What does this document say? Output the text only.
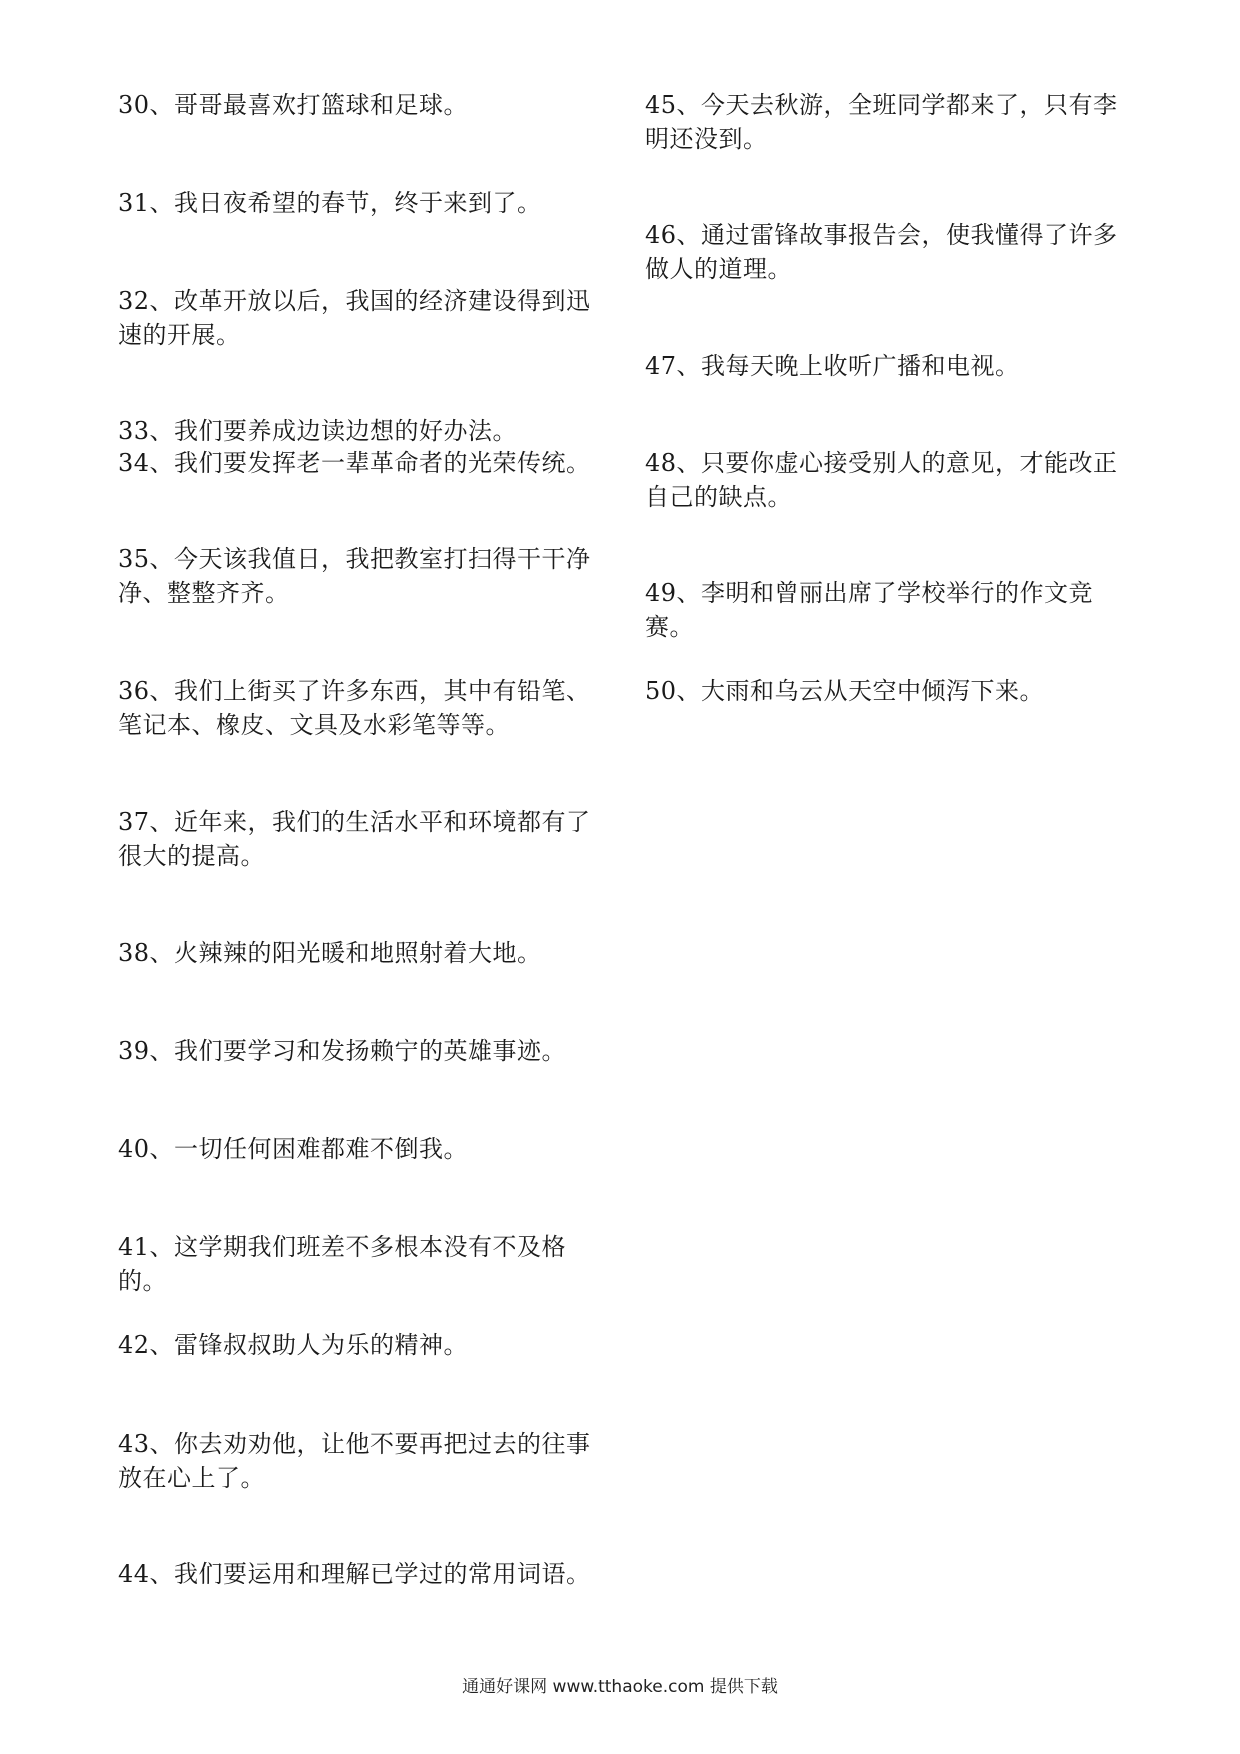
30、哥哥最喜欢打篮球和足球。
31、我日夜希望的春节，终于来到了。
32、改革开放以后，我国的经济建设得到迅速的开展。
33、我们要养成边读边想的好办法。
34、我们要发挥老一辈革命者的光荣传统。
35、今天该我值日，我把教室打扫得干干净净、整整齐齐。
36、我们上街买了许多东西，其中有铅笔、笔记本、橡皮、文具及水彩笔等等。
37、近年来，我们的生活水平和环境都有了很大的提高。
38、火辣辣的阳光暖和地照射着大地。
39、我们要学习和发扬赖宁的英雄事迹。
40、一切任何困难都难不倒我。
41、这学期我们班差不多根本没有不及格的。
42、雷锋叔叔助人为乐的精神。
43、你去劝劝他，让他不要再把过去的往事放在心上了。
44、我们要运用和理解已学过的常用词语。
45、今天去秋游，全班同学都来了，只有李明还没到。
46、通过雷锋故事报告会，使我懂得了许多做人的道理。
47、我每天晚上收听广播和电视。
48、只要你虚心接受别人的意见，才能改正自己的缺点。
49、李明和曾丽出席了学校举行的作文竞赛。
50、大雨和乌云从天空中倾泻下来。
通通好课网 www.tthaoke.com 提供下载
